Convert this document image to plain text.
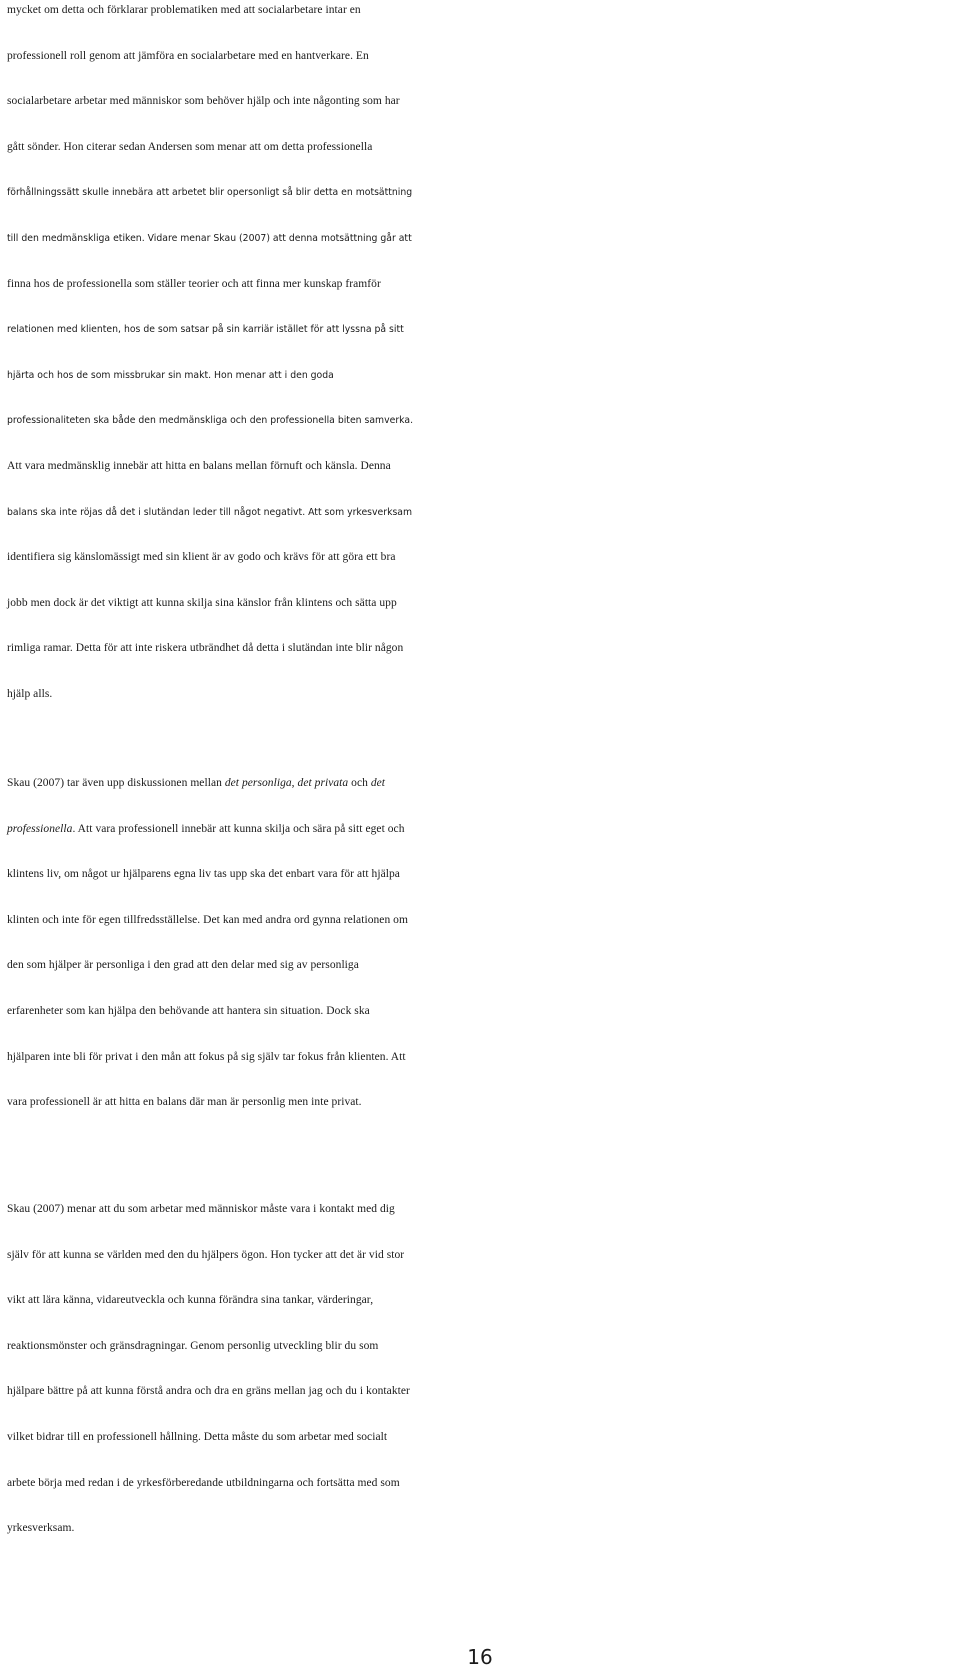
mycket om detta och förklarar problematiken med att socialarbetare intar en
professionell roll genom att jämföra en socialarbetare med en hantverkare. En
socialarbetare arbetar med människor som behöver hjälp och inte någonting som har
gått sönder. Hon citerar sedan Andersen som menar att om detta professionella
förhållningssätt skulle innebära att arbetet blir opersonligt så blir detta en motsättning
till den medmänskliga etiken. Vidare menar Skau (2007) att denna motsättning går att
finna hos de professionella som ställer teorier och att finna mer kunskap framför
relationen med klienten, hos de som satsar på sin karriär istället för att lyssna på sitt
hjärta och hos de som missbrukar sin makt. Hon menar att i den goda
professionaliteten ska både den medmänskliga och den professionella biten samverka.
Att vara medmänsklig innebär att hitta en balans mellan förnuft och känsla. Denna
balans ska inte röjas då det i slutändan leder till något negativt. Att som yrkesverksam
identifiera sig känslomässigt med sin klient är av godo och krävs för att göra ett bra
jobb men dock är det viktigt att kunna skilja sina känslor från klintens och sätta upp
rimliga ramar. Detta för att inte riskera utbrändhet då detta i slutändan inte blir någon
hjälp alls.
Skau (2007) tar även upp diskussionen mellan det personliga, det privata och det
professionella. Att vara professionell innebär att kunna skilja och sära på sitt eget och
klintens liv, om något ur hjälparens egna liv tas upp ska det enbart vara för att hjälpa
klinten och inte för egen tillfredsställelse. Det kan med andra ord gynna relationen om
den som hjälper är personliga i den grad att den delar med sig av personliga
erfarenheter som kan hjälpa den behövande att hantera sin situation. Dock ska
hjälparen inte bli för privat i den mån att fokus på sig själv tar fokus från klienten. Att
vara professionell är att hitta en balans där man är personlig men inte privat.
Skau (2007) menar att du som arbetar med människor måste vara i kontakt med dig
själv för att kunna se världen med den du hjälpers ögon. Hon tycker att det är vid stor
vikt att lära känna, vidareutveckla och kunna förändra sina tankar, värderingar,
reaktionsmönster och gränsdragningar. Genom personlig utveckling blir du som
hjälpare bättre på att kunna förstå andra och dra en gräns mellan jag och du i kontakter
vilket bidrar till en professionell hållning. Detta måste du som arbetar med socialt
arbete börja med redan i de yrkesförberedande utbildningarna och fortsätta med som
yrkesverksam.
16
